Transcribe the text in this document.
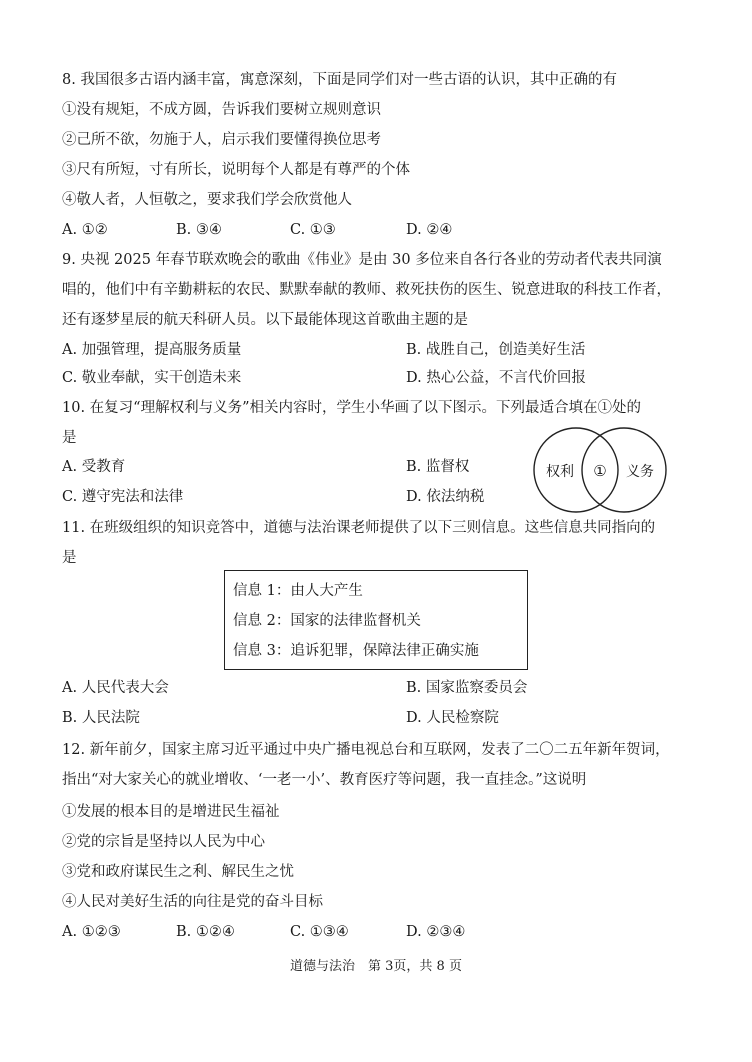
8. 我国很多古语内涵丰富，寓意深刻，下面是同学们对一些古语的认识，其中正确的有
①没有规矩，不成方圆，告诉我们要树立规则意识
②己所不欲，勿施于人，启示我们要懂得换位思考
③尺有所短，寸有所长，说明每个人都是有尊严的个体
④敬人者，人恒敬之，要求我们学会欣赏他人
A. ①②	B. ③④	C. ①③	D. ②④
9. 央视 2025 年春节联欢晚会的歌曲《伟业》是由 30 多位来自各行各业的劳动者代表共同演
唱的，他们中有辛勤耕耘的农民、默默奉献的教师、救死扶伤的医生、锐意进取的科技工作者，
还有逐梦星辰的航天科研人员。以下最能体现这首歌曲主题的是
A. 加强管理，提高服务质量	B. 战胜自己，创造美好生活
C. 敬业奉献，实干创造未来	D. 热心公益，不言代价回报
10. 在复习“理解权利与义务”相关内容时，学生小华画了以下图示。下列最适合填在①处的
是
A. 受教育	B. 监督权
C. 遵守宪法和法律	D. 依法纳税
权利 ① 义务
11. 在班级组织的知识竞答中，道德与法治课老师提供了以下三则信息。这些信息共同指向的
是
信息 1：由人大产生
信息 2：国家的法律监督机关
信息 3：追诉犯罪，保障法律正确实施
A. 人民代表大会	B. 国家监察委员会
B. 人民法院	D. 人民检察院
12. 新年前夕，国家主席习近平通过中央广播电视总台和互联网，发表了二〇二五年新年贺词，
指出“对大家关心的就业增收、‘一老一小’、教育医疗等问题，我一直挂念。”这说明
①发展的根本目的是增进民生福祉
②党的宗旨是坚持以人民为中心
③党和政府谋民生之利、解民生之忧
④人民对美好生活的向往是党的奋斗目标
A. ①②③	B. ①②④	C. ①③④	D. ②③④
道德与法治　第 3页，共 8 页
